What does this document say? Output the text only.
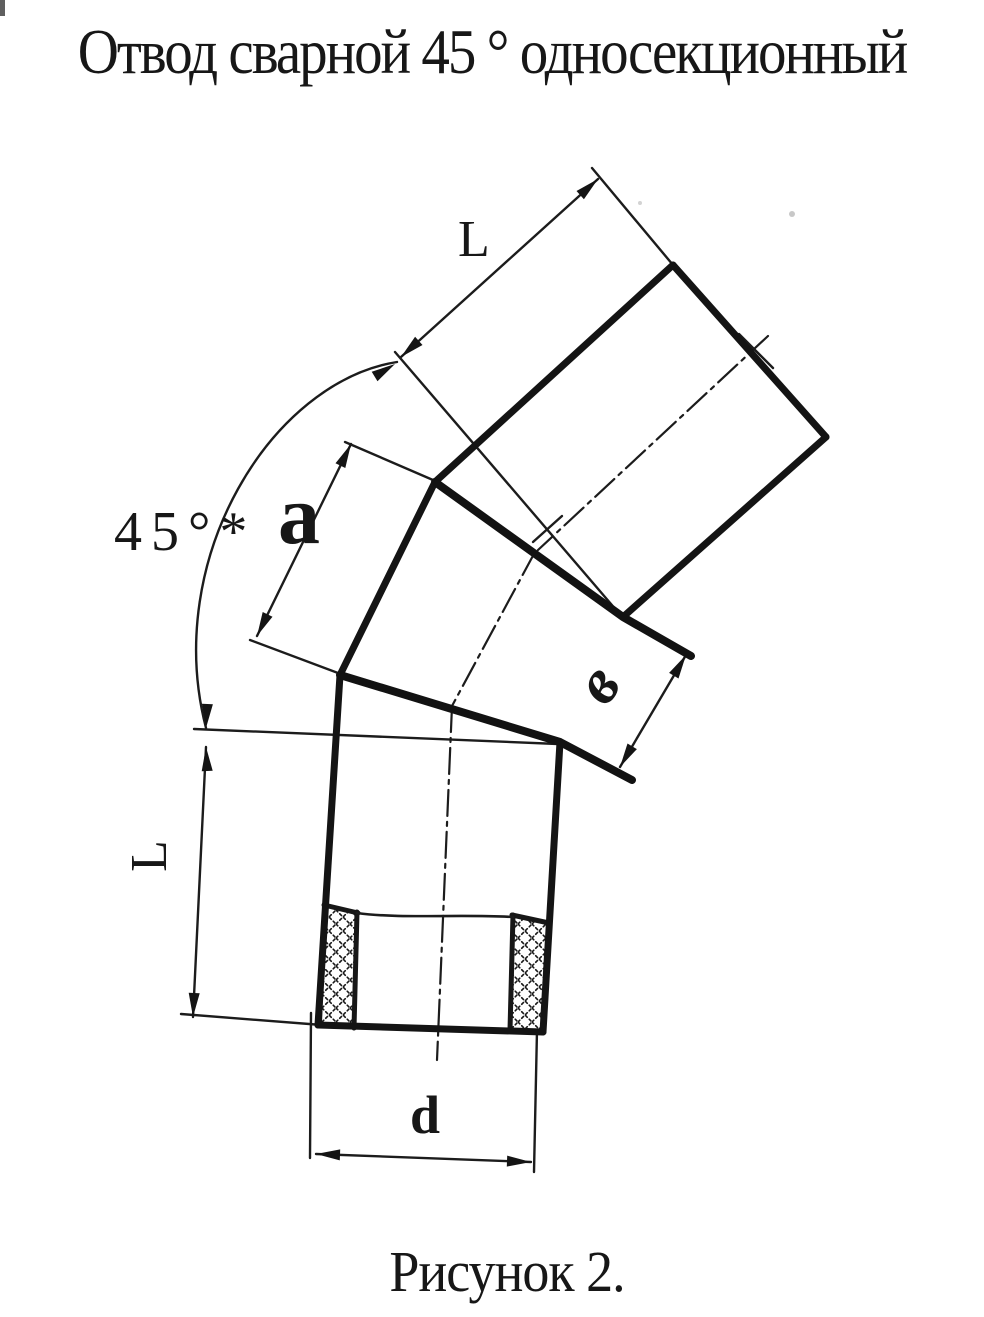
Отвод сварной 45 ° односекционный
L
45°* a
в
L
d
Рисунок 2.
